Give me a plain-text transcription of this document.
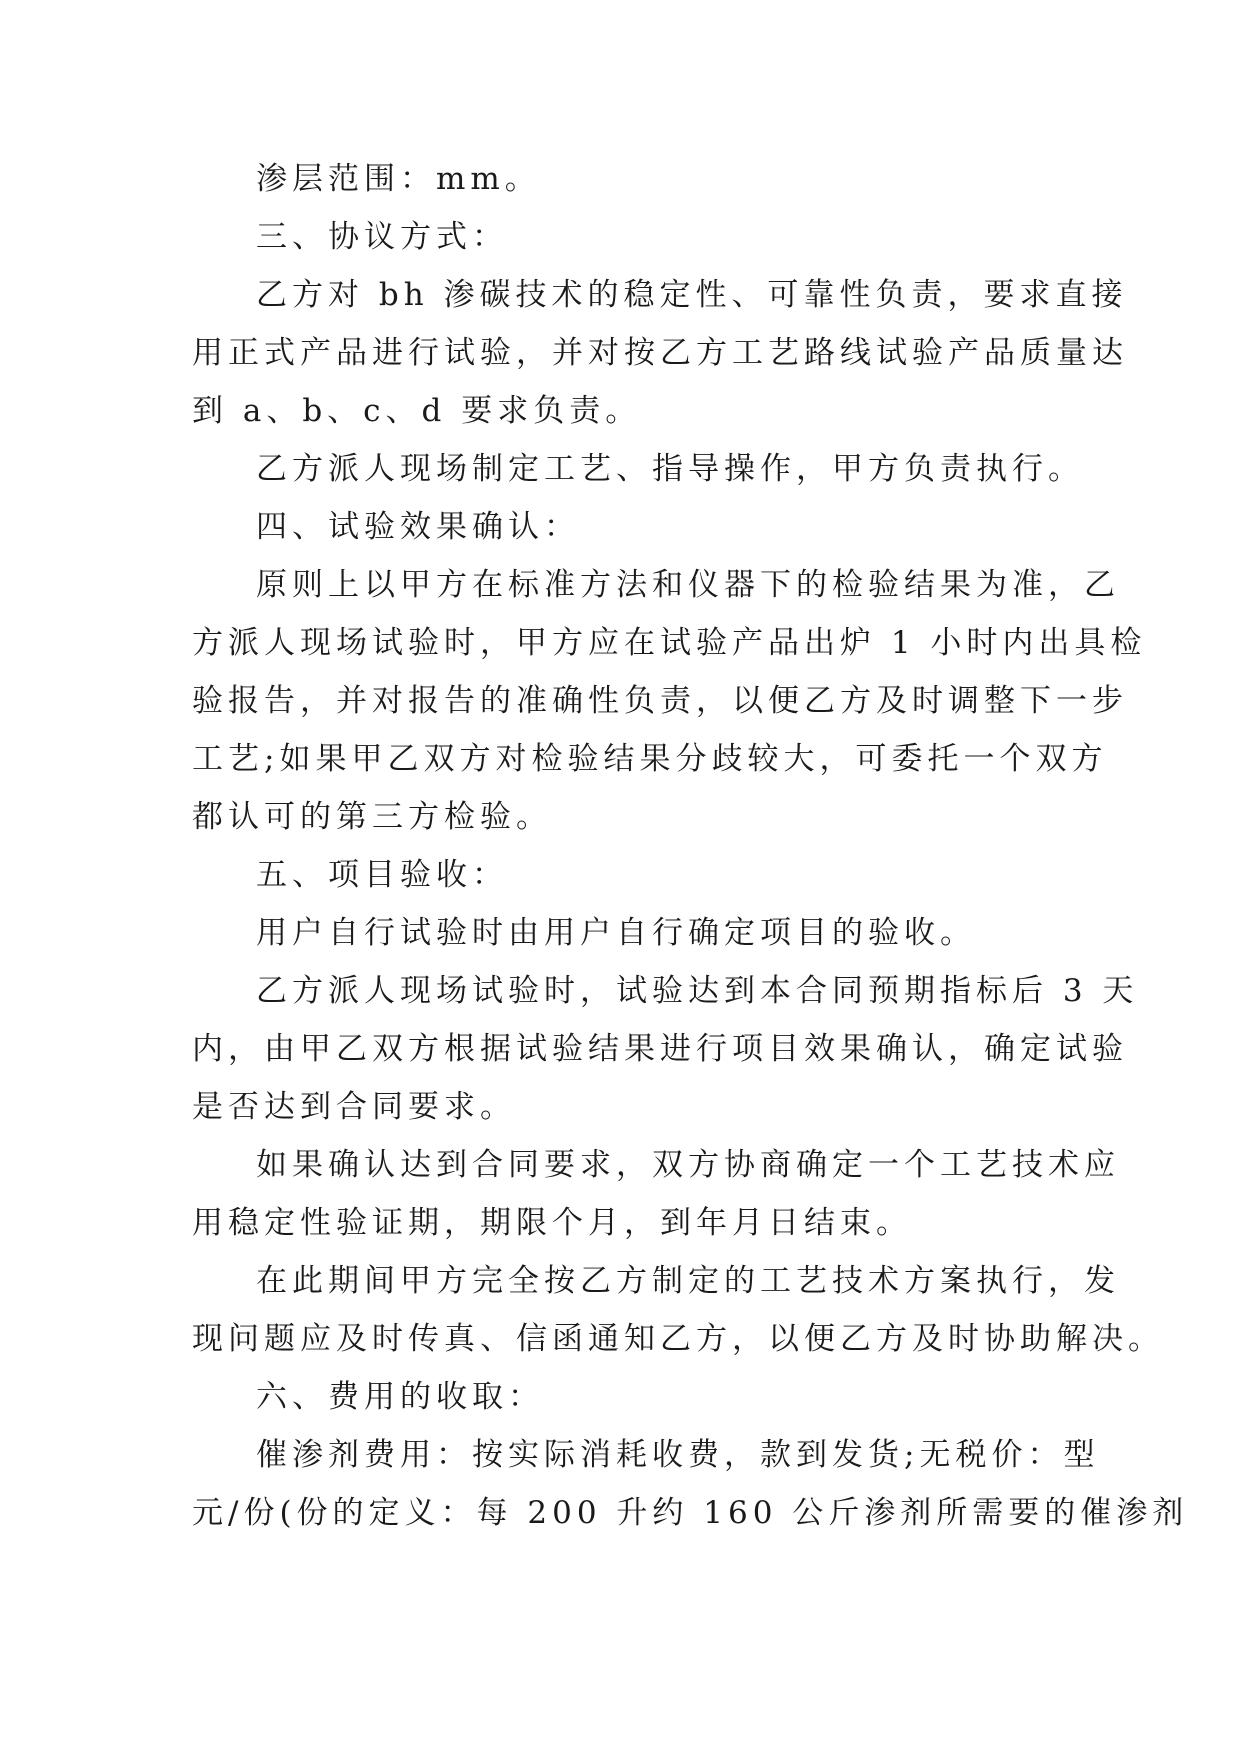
渗层范围：mm。
三、协议方式：
乙方对 bh 渗碳技术的稳定性、可靠性负责，要求直接
用正式产品进行试验，并对按乙方工艺路线试验产品质量达
到 a、b、c、d 要求负责。
乙方派人现场制定工艺、指导操作，甲方负责执行。
四、试验效果确认：
原则上以甲方在标准方法和仪器下的检验结果为准，乙
方派人现场试验时，甲方应在试验产品出炉 1 小时内出具检
验报告，并对报告的准确性负责，以便乙方及时调整下一步
工艺;如果甲乙双方对检验结果分歧较大，可委托一个双方
都认可的第三方检验。
五、项目验收：
用户自行试验时由用户自行确定项目的验收。
乙方派人现场试验时，试验达到本合同预期指标后 3 天
内，由甲乙双方根据试验结果进行项目效果确认，确定试验
是否达到合同要求。
如果确认达到合同要求，双方协商确定一个工艺技术应
用稳定性验证期，期限个月，到年月日结束。
在此期间甲方完全按乙方制定的工艺技术方案执行，发
现问题应及时传真、信函通知乙方，以便乙方及时协助解决。
六、费用的收取：
催渗剂费用：按实际消耗收费，款到发货;无税价：型
元/份(份的定义：每 200 升约 160 公斤渗剂所需要的催渗剂
